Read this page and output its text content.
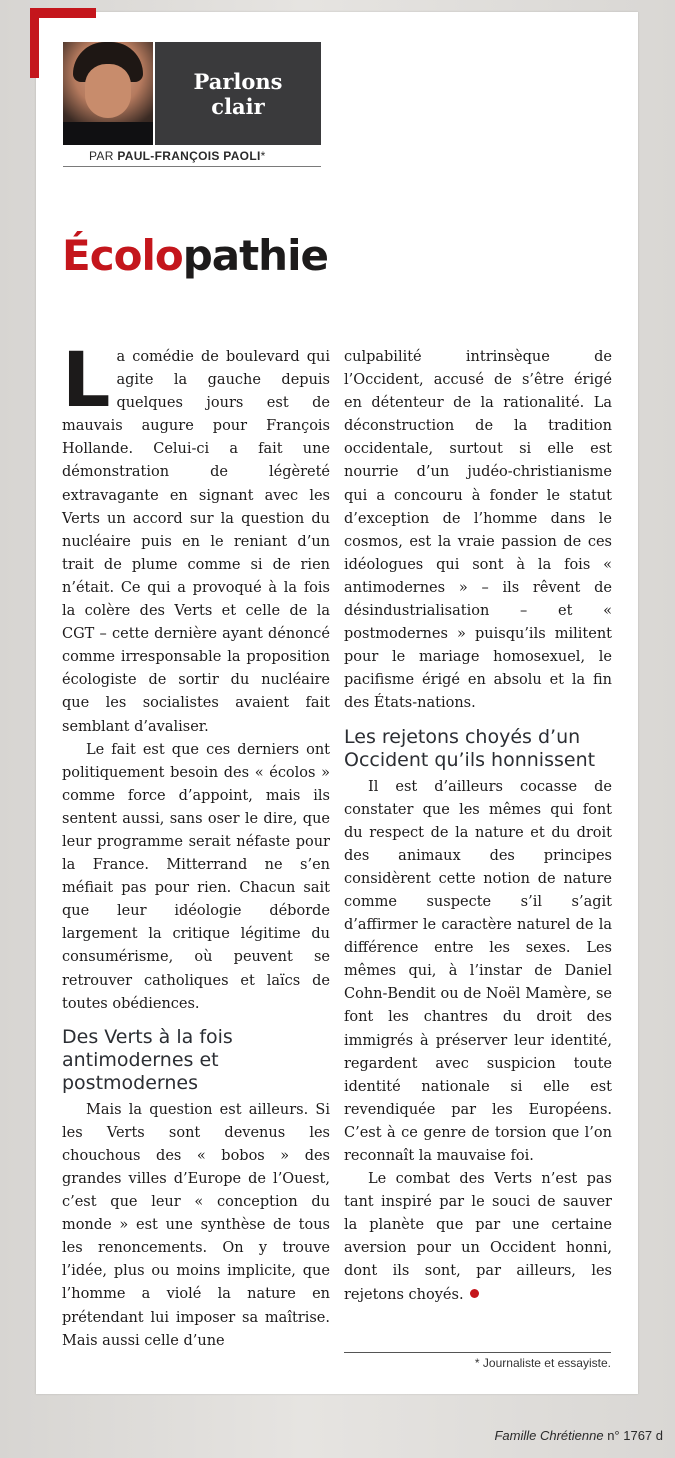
Parlons clair
PAR PAUL-FRANÇOIS PAOLI*
Écolopathie

La comédie de boulevard qui agite la gauche depuis quelques jours est de mauvais augure pour François Hollande. Celui-ci a fait une démonstration de légèreté extravagante en signant avec les Verts un accord sur la question du nucléaire puis en le reniant d’un trait de plume comme si de rien n’était. Ce qui a provoqué à la fois la colère des Verts et celle de la CGT – cette dernière ayant dénoncé comme irresponsable la proposition écologiste de sortir du nucléaire que les socialistes avaient fait semblant d’avaliser.

Le fait est que ces derniers ont politiquement besoin des « écolos » comme force d’appoint, mais ils sentent aussi, sans oser le dire, que leur programme serait néfaste pour la France. Mitterrand ne s’en méfiait pas pour rien. Chacun sait que leur idéologie déborde largement la critique légitime du consumérisme, où peuvent se retrouver catholiques et laïcs de toutes obédiences.

Des Verts à la fois antimodernes et postmodernes

Mais la question est ailleurs. Si les Verts sont devenus les chouchous des « bobos » des grandes villes d’Europe de l’Ouest, c’est que leur « conception du monde » est une synthèse de tous les renoncements. On y trouve l’idée, plus ou moins implicite, que l’homme a violé la nature en prétendant lui imposer sa maîtrise. Mais aussi celle d’une

culpabilité intrinsèque de l’Occident, accusé de s’être érigé en détenteur de la rationalité. La déconstruction de la tradition occidentale, surtout si elle est nourrie d’un judéo-christianisme qui a concouru à fonder le statut d’exception de l’homme dans le cosmos, est la vraie passion de ces idéologues qui sont à la fois « antimodernes » – ils rêvent de désindustrialisation – et « postmodernes » puisqu’ils militent pour le mariage homosexuel, le pacifisme érigé en absolu et la fin des États-nations.

Les rejetons choyés d’un Occident qu’ils honnissent

Il est d’ailleurs cocasse de constater que les mêmes qui font du respect de la nature et du droit des animaux des principes considèrent cette notion de nature comme suspecte s’il s’agit d’affirmer le caractère naturel de la différence entre les sexes. Les mêmes qui, à l’instar de Daniel Cohn-Bendit ou de Noël Mamère, se font les chantres du droit des immigrés à préserver leur identité, regardent avec suspicion toute identité nationale si elle est revendiquée par les Européens. C’est à ce genre de torsion que l’on reconnaît la mauvaise foi.

Le combat des Verts n’est pas tant inspiré par le souci de sauver la planète que par une certaine aversion pour un Occident honni, dont ils sont, par ailleurs, les rejetons choyés.

* Journaliste et essayiste.
Famille Chrétienne n° 1767 d
